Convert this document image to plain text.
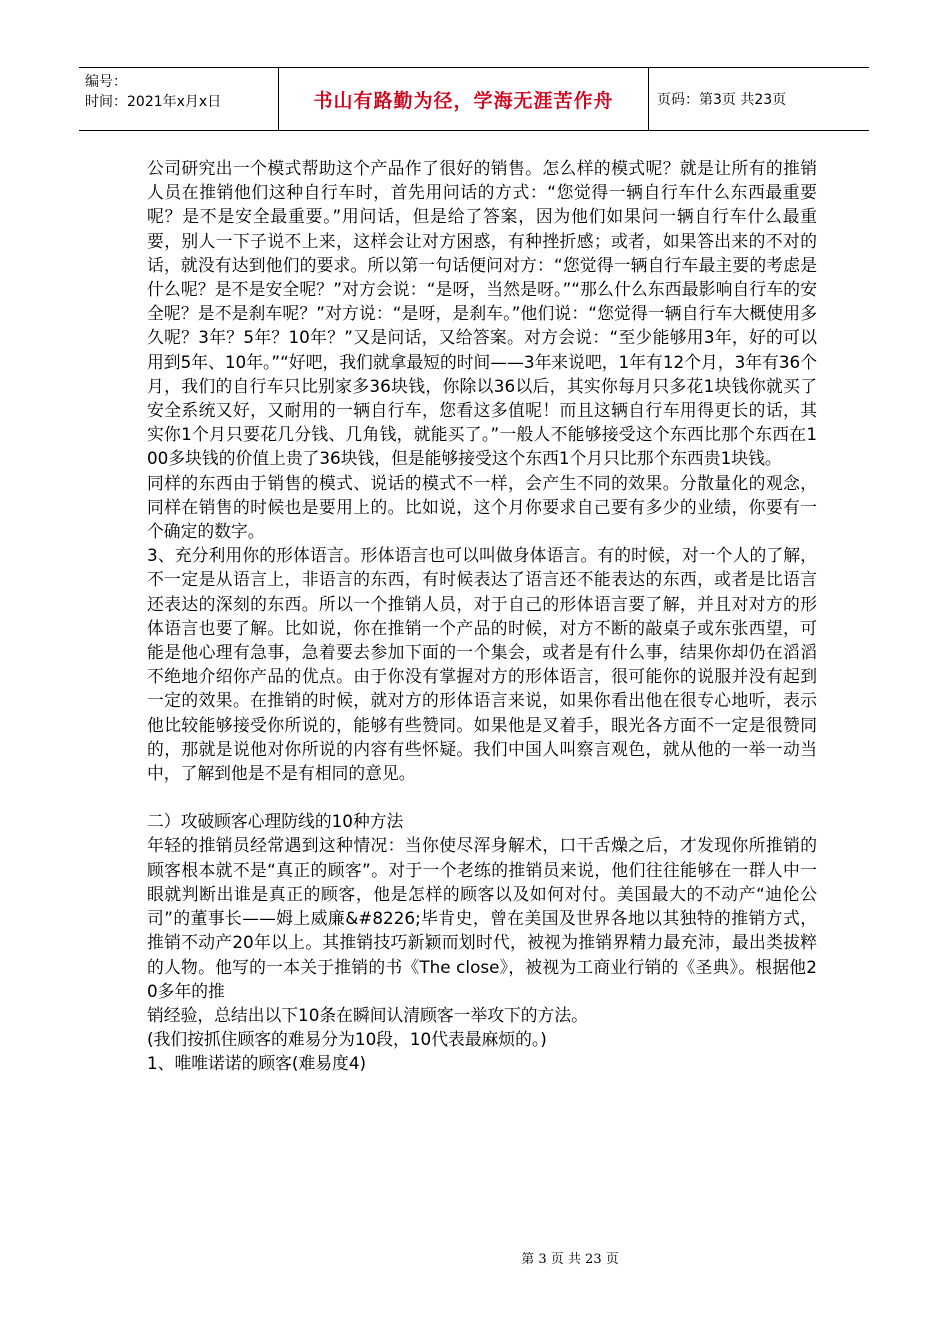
编号：
时间：2021年x月x日	书山有路勤为径，学海无涯苦作舟	页码：第3页 共23页

公司研究出一个模式帮助这个产品作了很好的销售。怎么样的模式呢？就是让所有的推销人员在推销他们这种自行车时，首先用问话的方式：“您觉得一辆自行车什么东西最重要呢？是不是安全最重要。”用问话，但是给了答案，因为他们如果问一辆自行车什么最重要，别人一下子说不上来，这样会让对方困惑，有种挫折感；或者，如果答出来的不对的话，就没有达到他们的要求。所以第一句话便问对方：“您觉得一辆自行车最主要的考虑是什么呢？是不是安全呢？”对方会说：“是呀，当然是呀。”“那么什么东西最影响自行车的安全呢？是不是刹车呢？”对方说：“是呀，是刹车。”他们说：“您觉得一辆自行车大概使用多久呢？3年？5年？10年？”又是问话，又给答案。对方会说：“至少能够用3年，好的可以用到5年、10年。”“好吧，我们就拿最短的时间——3年来说吧，1年有12个月，3年有36个月，我们的自行车只比别家多36块钱，你除以36以后，其实你每月只多花1块钱你就买了安全系统又好，又耐用的一辆自行车，您看这多值呢！而且这辆自行车用得更长的话，其实你1个月只要花几分钱、几角钱，就能买了。”一般人不能够接受这个东西比那个东西在100多块钱的价值上贵了36块钱，但是能够接受这个东西1个月只比那个东西贵1块钱。

同样的东西由于销售的模式、说话的模式不一样，会产生不同的效果。分散量化的观念，同样在销售的时候也是要用上的。比如说，这个月你要求自己要有多少的业绩，你要有一个确定的数字。

3、充分利用你的形体语言。形体语言也可以叫做身体语言。有的时候，对一个人的了解，不一定是从语言上，非语言的东西，有时候表达了语言还不能表达的东西，或者是比语言还表达的深刻的东西。所以一个推销人员，对于自己的形体语言要了解，并且对对方的形体语言也要了解。比如说，你在推销一个产品的时候，对方不断的敲桌子或东张西望，可能是他心理有急事，急着要去参加下面的一个集会，或者是有什么事，结果你却仍在滔滔不绝地介绍你产品的优点。由于你没有掌握对方的形体语言，很可能你的说服并没有起到一定的效果。在推销的时候，就对方的形体语言来说，如果你看出他在很专心地听，表示他比较能够接受你所说的，能够有些赞同。如果他是叉着手，眼光各方面不一定是很赞同的，那就是说他对你所说的内容有些怀疑。我们中国人叫察言观色，就从他的一举一动当中，了解到他是不是有相同的意见。

二）攻破顾客心理防线的10种方法

年轻的推销员经常遇到这种情况：当你使尽浑身解术，口干舌燥之后，才发现你所推销的顾客根本就不是“真正的顾客”。对于一个老练的推销员来说，他们往往能够在一群人中一眼就判断出谁是真正的顾客，他是怎样的顾客以及如何对付。美国最大的不动产“迪伦公司”的董事长——姆上威廉&#8226;毕肯史，曾在美国及世界各地以其独特的推销方式，推销不动产20年以上。其推销技巧新颖而划时代，被视为推销界精力最充沛，最出类拔粹的人物。他写的一本关于推销的书《The close》，被视为工商业行销的《圣典》。根据他20多年的推

销经验，总结出以下10条在瞬间认清顾客一举攻下的方法。

(我们按抓住顾客的难易分为10段，10代表最麻烦的。)

1、唯唯诺诺的顾客(难易度4)

第 3 页 共 23 页
